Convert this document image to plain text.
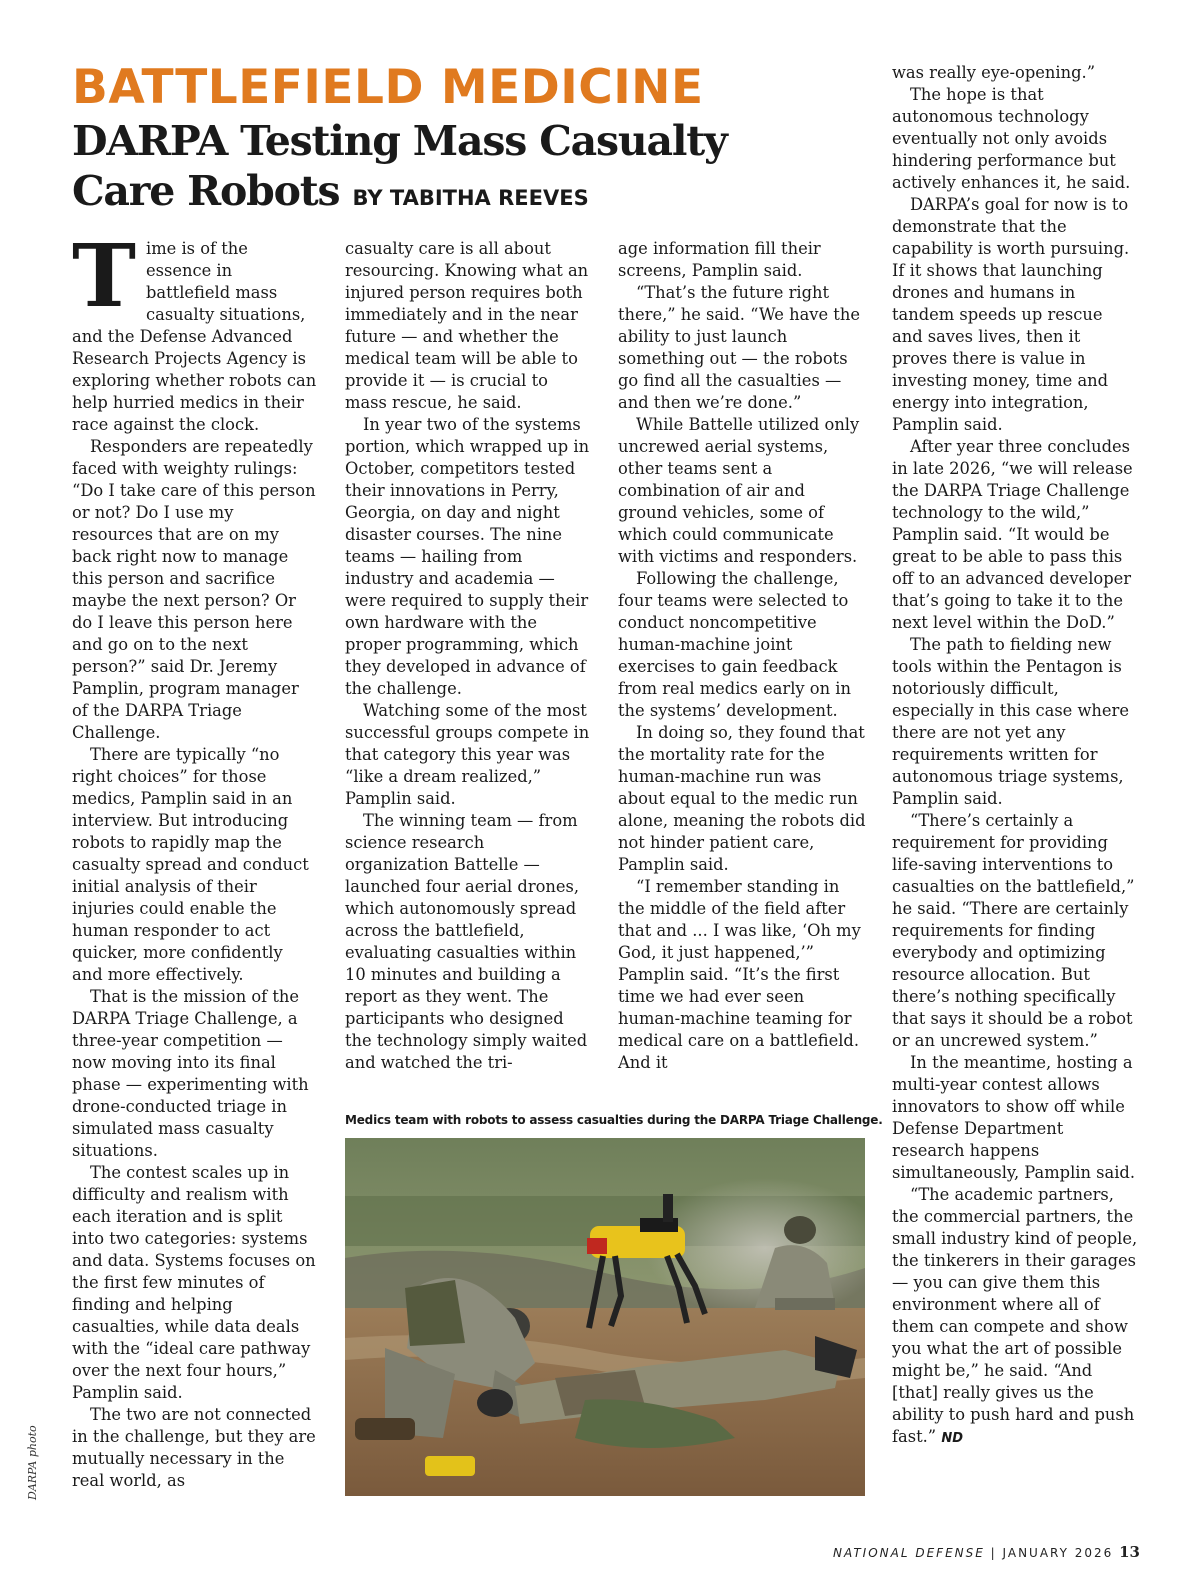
BATTLEFIELD MEDICINE
DARPA Testing Mass Casualty Care Robots BY TABITHA REEVES

Time is of the essence in battlefield mass casualty situations, and the Defense Advanced Research Projects Agency is exploring whether robots can help hurried medics in their race against the clock.

Responders are repeatedly faced with weighty rulings: “Do I take care of this person or not? Do I use my resources that are on my back right now to manage this person and sacrifice maybe the next person? Or do I leave this person here and go on to the next person?” said Dr. Jeremy Pamplin, program manager of the DARPA Triage Challenge.

There are typically “no right choices” for those medics, Pamplin said in an interview. But introducing robots to rapidly map the casualty spread and conduct initial analysis of their injuries could enable the human responder to act quicker, more confidently and more effectively.

That is the mission of the DARPA Triage Challenge, a three-year competition — now moving into its final phase — experimenting with drone-conducted triage in simulated mass casualty situations.

The contest scales up in difficulty and realism with each iteration and is split into two categories: systems and data. Systems focuses on the first few minutes of finding and helping casualties, while data deals with the “ideal care pathway over the next four hours,” Pamplin said.

The two are not connected in the challenge, but they are mutually necessary in the real world, as

casualty care is all about resourcing. Knowing what an injured person requires both immediately and in the near future — and whether the medical team will be able to provide it — is crucial to mass rescue, he said.

In year two of the systems portion, which wrapped up in October, competitors tested their innovations in Perry, Georgia, on day and night disaster courses. The nine teams — hailing from industry and academia — were required to supply their own hardware with the proper programming, which they developed in advance of the challenge.

Watching some of the most successful groups compete in that category this year was “like a dream realized,” Pamplin said.

The winning team — from science research organization Battelle — launched four aerial drones, which autonomously spread across the battlefield, evaluating casualties within 10 minutes and building a report as they went. The participants who designed the technology simply waited and watched the tri-

age information fill their screens, Pamplin said.

“That’s the future right there,” he said. “We have the ability to just launch something out — the robots go find all the casualties — and then we’re done.”

While Battelle utilized only uncrewed aerial systems, other teams sent a combination of air and ground vehicles, some of which could communicate with victims and responders.

Following the challenge, four teams were selected to conduct noncompetitive human-machine joint exercises to gain feedback from real medics early on in the systems’ development.

In doing so, they found that the mortality rate for the human-machine run was about equal to the medic run alone, meaning the robots did not hinder patient care, Pamplin said.

“I remember standing in the middle of the field after that and ... I was like, ‘Oh my God, it just happened,’” Pamplin said. “It’s the first time we had ever seen human-machine teaming for medical care on a battlefield. And it

was really eye-opening.”

The hope is that autonomous technology eventually not only avoids hindering performance but actively enhances it, he said.

DARPA’s goal for now is to demonstrate that the capability is worth pursuing. If it shows that launching drones and humans in tandem speeds up rescue and saves lives, then it proves there is value in investing money, time and energy into integration, Pamplin said.

After year three concludes in late 2026, “we will release the DARPA Triage Challenge technology to the wild,” Pamplin said. “It would be great to be able to pass this off to an advanced developer that’s going to take it to the next level within the DoD.”

The path to fielding new tools within the Pentagon is notoriously difficult, especially in this case where there are not yet any requirements written for autonomous triage systems, Pamplin said.

“There’s certainly a requirement for providing life-saving interventions to casualties on the battlefield,” he said. “There are certainly requirements for finding everybody and optimizing resource allocation. But there’s nothing specifically that says it should be a robot or an uncrewed system.”

In the meantime, hosting a multi-year contest allows innovators to show off while Defense Department research happens simultaneously, Pamplin said.

“The academic partners, the commercial partners, the small industry kind of people, the tinkerers in their garages — you can give them this environment where all of them can compete and show you what the art of possible might be,” he said. “And [that] really gives us the ability to push hard and push fast.” ND

Medics team with robots to assess casualties during the DARPA Triage Challenge.
DARPA photo
NATIONAL DEFENSE | JANUARY 2026 13
